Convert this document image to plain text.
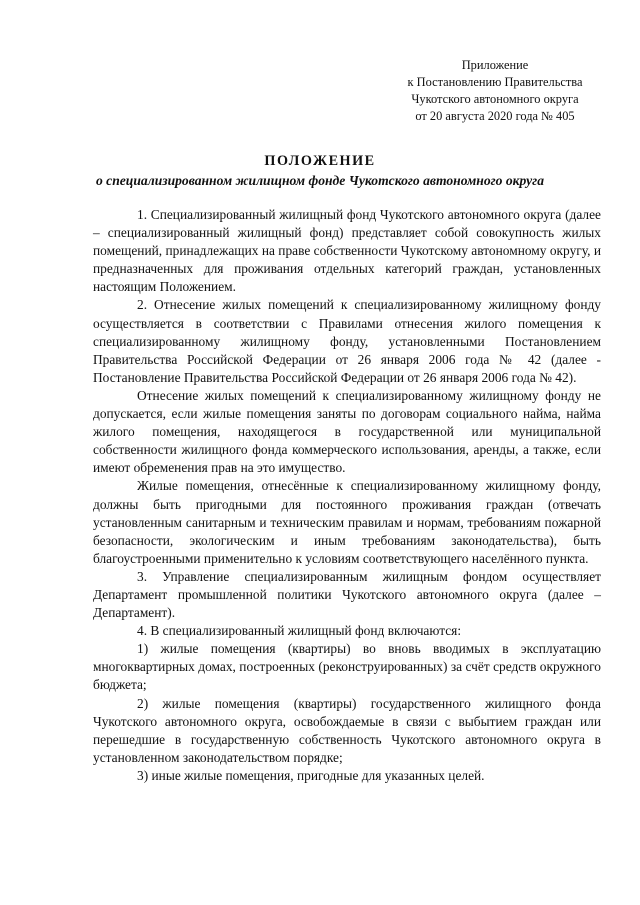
Приложение
к Постановлению Правительства
Чукотского автономного округа
от 20 августа 2020 года № 405
ПОЛОЖЕНИЕ
о специализированном жилищном фонде Чукотского автономного округа

1. Специализированный жилищный фонд Чукотского автономного округа (далее – специализированный жилищный фонд) представляет собой совокупность жилых помещений, принадлежащих на праве собственности Чукотскому автономному округу, и предназначенных для проживания отдельных категорий граждан, установленных настоящим Положением.

2. Отнесение жилых помещений к специализированному жилищному фонду осуществляется в соответствии с Правилами отнесения жилого помещения к специализированному жилищному фонду, установленными Постановлением Правительства Российской Федерации от 26 января 2006 года № 42 (далее - Постановление Правительства Российской Федерации от 26 января 2006 года № 42).

Отнесение жилых помещений к специализированному жилищному фонду не допускается, если жилые помещения заняты по договорам социального найма, найма жилого помещения, находящегося в государственной или муниципальной собственности жилищного фонда коммерческого использования, аренды, а также, если имеют обременения прав на это имущество.

Жилые помещения, отнесённые к специализированному жилищному фонду, должны быть пригодными для постоянного проживания граждан (отвечать установленным санитарным и техническим правилам и нормам, требованиям пожарной безопасности, экологическим и иным требованиям законодательства), быть благоустроенными применительно к условиям соответствующего населённого пункта.

3. Управление специализированным жилищным фондом осуществляет Департамент промышленной политики Чукотского автономного округа (далее – Департамент).

4. В специализированный жилищный фонд включаются:

1) жилые помещения (квартиры) во вновь вводимых в эксплуатацию многоквартирных домах, построенных (реконструированных) за счёт средств окружного бюджета;

2) жилые помещения (квартиры) государственного жилищного фонда Чукотского автономного округа, освобождаемые в связи с выбытием граждан или перешедшие в государственную собственность Чукотского автономного округа в установленном законодательством порядке;

3) иные жилые помещения, пригодные для указанных целей.
